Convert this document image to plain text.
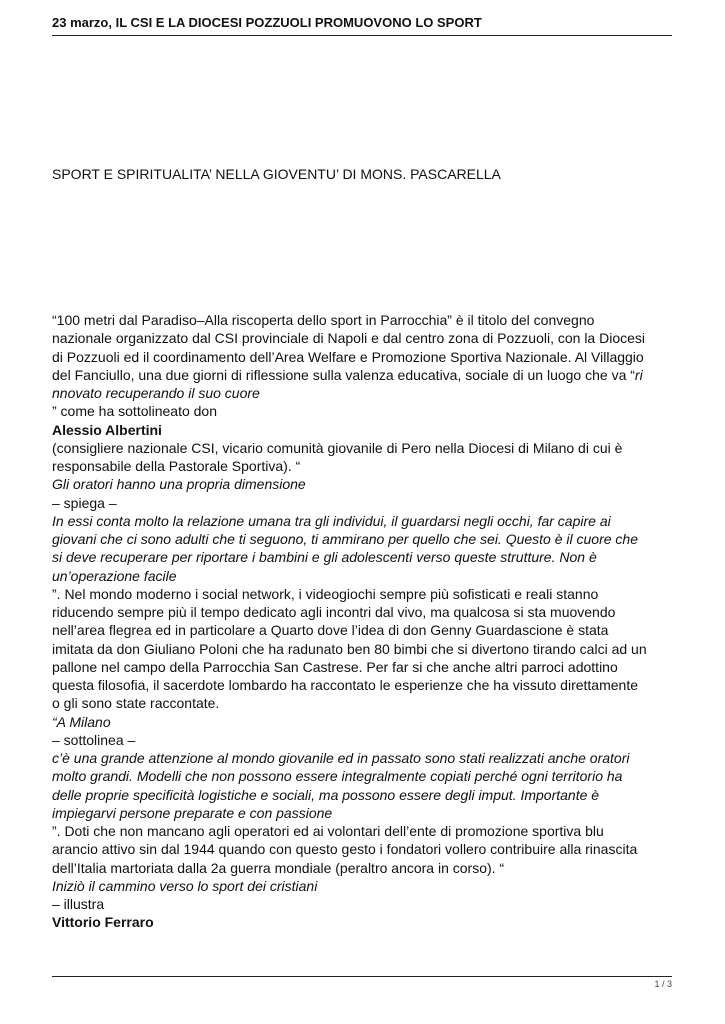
23 marzo, IL CSI E LA DIOCESI POZZUOLI PROMUOVONO LO SPORT
SPORT E SPIRITUALITA’ NELLA GIOVENTU’ DI MONS. PASCARELLA
“100 metri dal Paradiso–Alla riscoperta dello sport in Parrocchia” è il titolo del convegno
nazionale organizzato dal CSI provinciale di Napoli e dal centro zona di Pozzuoli, con la Diocesi
di Pozzuoli ed il coordinamento dell’Area Welfare e Promozione Sportiva Nazionale. Al Villaggio
del Fanciullo, una due giorni di riflessione sulla valenza educativa, sociale di un luogo che va “ri
nnovato recuperando il suo cuore
” come ha sottolineato don
Alessio Albertini
(consigliere nazionale CSI, vicario comunità giovanile di Pero nella Diocesi di Milano di cui è
responsabile della Pastorale Sportiva). “
Gli oratori hanno una propria dimensione
– spiega –
In essi conta molto la relazione umana tra gli individui, il guardarsi negli occhi, far capire ai
giovani che ci sono adulti che ti seguono, ti ammirano per quello che sei. Questo è il cuore che
si deve recuperare per riportare i bambini e gli adolescenti verso queste strutture. Non è
un’operazione facile
”. Nel mondo moderno i social network, i videogiochi sempre più sofisticati e reali stanno
riducendo sempre più il tempo dedicato agli incontri dal vivo, ma qualcosa si sta muovendo
nell’area flegrea ed in particolare a Quarto dove l’idea di don Genny Guardascione è stata
imitata da don Giuliano Poloni che ha radunato ben 80 bimbi che si divertono tirando calci ad un
pallone nel campo della Parrocchia San Castrese. Per far si che anche altri parroci adottino
questa filosofia, il sacerdote lombardo ha raccontato le esperienze che ha vissuto direttamente
o gli sono state raccontate.
“A Milano
– sottolinea –
c’è una grande attenzione al mondo giovanile ed in passato sono stati realizzati anche oratori
molto grandi. Modelli che non possono essere integralmente copiati perché ogni territorio ha
delle proprie specificità logistiche e sociali, ma possono essere degli imput. Importante è
impiegarvi persone preparate e con passione
”. Doti che non mancano agli operatori ed ai volontari dell’ente di promozione sportiva blu
arancio attivo sin dal 1944 quando con questo gesto i fondatori vollero contribuire alla rinascita
dell’Italia martoriata dalla 2a guerra mondiale (peraltro ancora in corso). “
Iniziò il cammino verso lo sport dei cristiani
– illustra
Vittorio Ferraro
1 / 3
